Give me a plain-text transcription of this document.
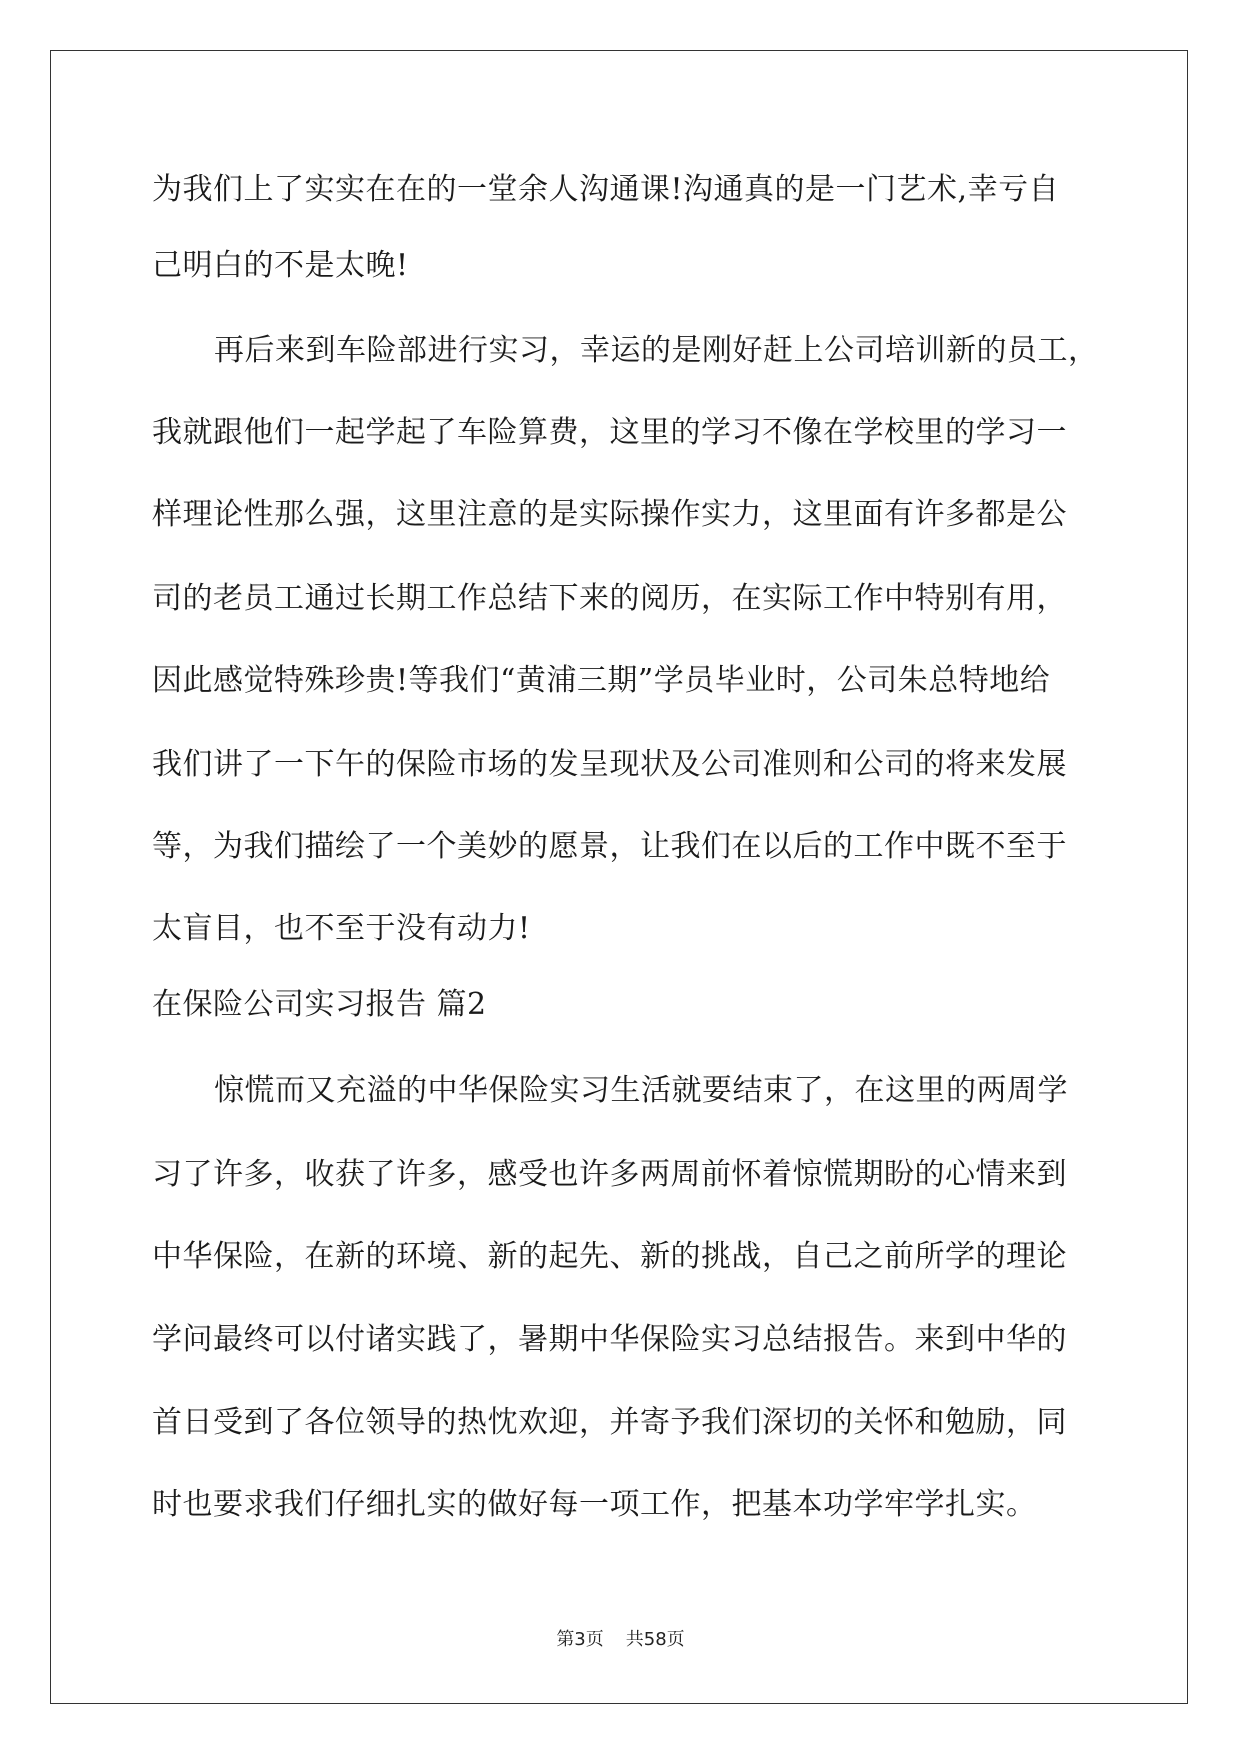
为我们上了实实在在的一堂余人沟通课!沟通真的是一门艺术,幸亏自
己明白的不是太晚!
再后来到车险部进行实习，幸运的是刚好赶上公司培训新的员工，
我就跟他们一起学起了车险算费，这里的学习不像在学校里的学习一
样理论性那么强，这里注意的是实际操作实力，这里面有许多都是公
司的老员工通过长期工作总结下来的阅历，在实际工作中特别有用，
因此感觉特殊珍贵!等我们“黄浦三期”学员毕业时，公司朱总特地给
我们讲了一下午的保险市场的发呈现状及公司准则和公司的将来发展
等，为我们描绘了一个美妙的愿景，让我们在以后的工作中既不至于
太盲目，也不至于没有动力!
在保险公司实习报告 篇2
惊慌而又充溢的中华保险实习生活就要结束了，在这里的两周学
习了许多，收获了许多，感受也许多两周前怀着惊慌期盼的心情来到
中华保险，在新的环境、新的起先、新的挑战，自己之前所学的理论
学问最终可以付诸实践了，暑期中华保险实习总结报告。来到中华的
首日受到了各位领导的热忱欢迎，并寄予我们深切的关怀和勉励，同
时也要求我们仔细扎实的做好每一项工作，把基本功学牢学扎实。
第3页 共58页
